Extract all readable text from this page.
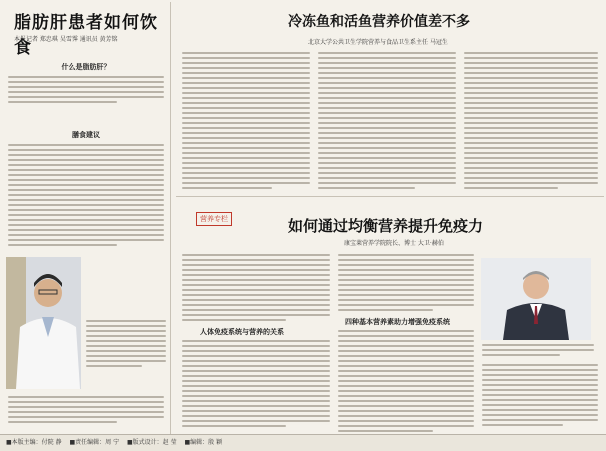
脂肪肝患者如何饮食
本报记者 郑忠琪 吴雪霁 通讯员 黄芳铭
什么是脂肪肝？
膳食建议
冷冻鱼和活鱼营养价值差不多
北京大学公共卫生学院营养与食品卫生系主任 马冠生
营养专栏	如何通过均衡营养提升免疫力
康宝莱营养学院院长、博士 大卫·赫伯
人体免疫系统与营养的关系
四种基本营养素助力增强免疫系统
■本版主编：付院 静 ■责任编辑：周 宁 ■版式设计：赵 莹 ■编辑：殷 颖
